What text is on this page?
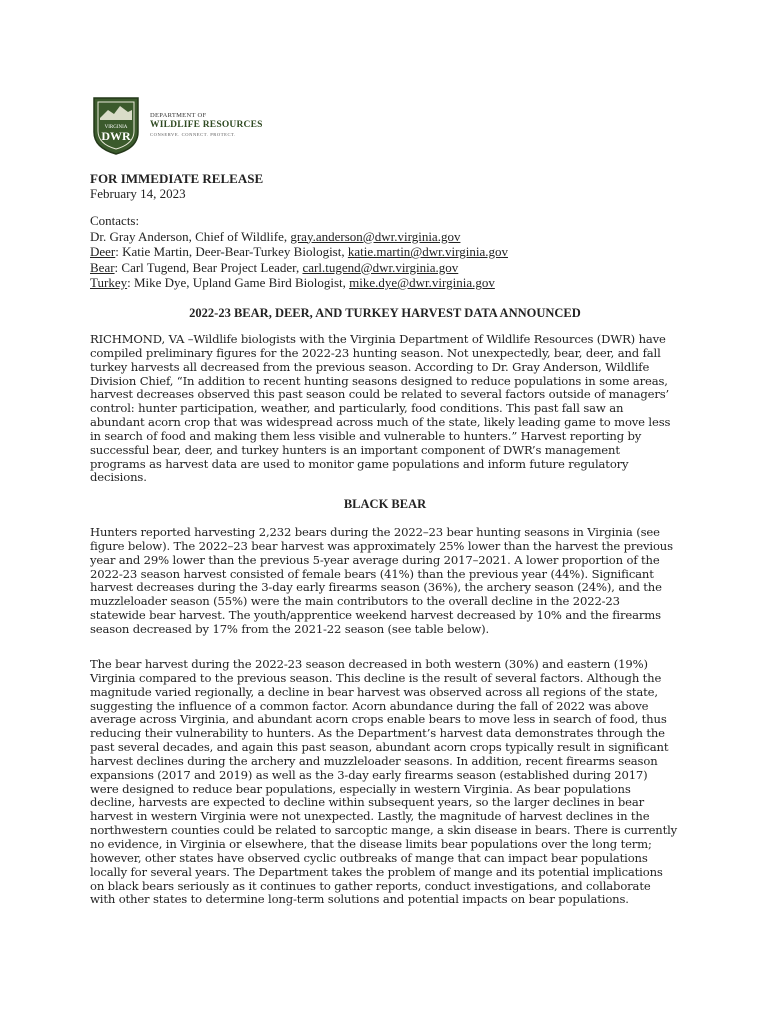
VIRGINIA
DWR
DEPARTMENT OF
WILDLIFE RESOURCES
CONSERVE. CONNECT. PROTECT.
FOR IMMEDIATE RELEASE
February 14, 2023
Contacts:
Dr. Gray Anderson, Chief of Wildlife, gray.anderson@dwr.virginia.gov
Deer: Katie Martin, Deer-Bear-Turkey Biologist, katie.martin@dwr.virginia.gov
Bear: Carl Tugend, Bear Project Leader, carl.tugend@dwr.virginia.gov
Turkey: Mike Dye, Upland Game Bird Biologist, mike.dye@dwr.virginia.gov
2022-23 BEAR, DEER, AND TURKEY HARVEST DATA ANNOUNCED
RICHMOND, VA –Wildlife biologists with the Virginia Department of Wildlife Resources (DWR) have compiled preliminary figures for the 2022-23 hunting season. Not unexpectedly, bear, deer, and fall turkey harvests all decreased from the previous season. According to Dr. Gray Anderson, Wildlife Division Chief, “In addition to recent hunting seasons designed to reduce populations in some areas, harvest decreases observed this past season could be related to several factors outside of managers’ control: hunter participation, weather, and particularly, food conditions. This past fall saw an abundant acorn crop that was widespread across much of the state, likely leading game to move less in search of food and making them less visible and vulnerable to hunters.” Harvest reporting by successful bear, deer, and turkey hunters is an important component of DWR’s management programs as harvest data are used to monitor game populations and inform future regulatory decisions.
BLACK BEAR
Hunters reported harvesting 2,232 bears during the 2022–23 bear hunting seasons in Virginia (see figure below). The 2022–23 bear harvest was approximately 25% lower than the harvest the previous year and 29% lower than the previous 5-year average during 2017–2021. A lower proportion of the 2022-23 season harvest consisted of female bears (41%) than the previous year (44%). Significant harvest decreases during the 3-day early firearms season (36%), the archery season (24%), and the muzzleloader season (55%) were the main contributors to the overall decline in the 2022-23 statewide bear harvest. The youth/apprentice weekend harvest decreased by 10% and the firearms season decreased by 17% from the 2021-22 season (see table below).
The bear harvest during the 2022-23 season decreased in both western (30%) and eastern (19%) Virginia compared to the previous season. This decline is the result of several factors. Although the magnitude varied regionally, a decline in bear harvest was observed across all regions of the state, suggesting the influence of a common factor. Acorn abundance during the fall of 2022 was above average across Virginia, and abundant acorn crops enable bears to move less in search of food, thus reducing their vulnerability to hunters. As the Department’s harvest data demonstrates through the past several decades, and again this past season, abundant acorn crops typically result in significant harvest declines during the archery and muzzleloader seasons. In addition, recent firearms season expansions (2017 and 2019) as well as the 3-day early firearms season (established during 2017) were designed to reduce bear populations, especially in western Virginia. As bear populations decline, harvests are expected to decline within subsequent years, so the larger declines in bear harvest in western Virginia were not unexpected. Lastly, the magnitude of harvest declines in the northwestern counties could be related to sarcoptic mange, a skin disease in bears. There is currently no evidence, in Virginia or elsewhere, that the disease limits bear populations over the long term; however, other states have observed cyclic outbreaks of mange that can impact bear populations locally for several years. The Department takes the problem of mange and its potential implications on black bears seriously as it continues to gather reports, conduct investigations, and collaborate with other states to determine long-term solutions and potential impacts on bear populations.
